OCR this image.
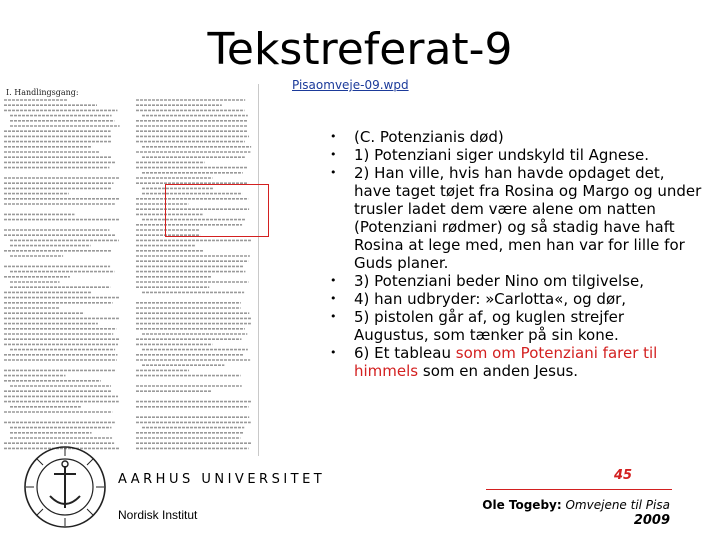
Tekstreferat-9
Pisaomveje-09.wpd
I. Handlingsgang:
•	(C. Potenzianis død)
•	1) Potenziani siger undskyld til Agnese.
•	2) Han ville, hvis han havde opdaget det, have taget tøjet fra Rosina og Margo og under trusler ladet dem være alene om natten (Potenziani rødmer) og så stadig have haft Rosina at lege med, men han var for lille for Guds planer.
•	3) Potenziani beder Nino om tilgivelse,
•	4) han udbryder: »Carlotta«, og dør,
•	5) pistolen går af, og kuglen strejfer Augustus, som tænker på sin kone.
•	6) Et tableau som om Potenziani farer til himmels som en anden Jesus.
AARHUS UNIVERSITET
Nordisk Institut
45
Ole Togeby: Omvejene til Pisa
2009
